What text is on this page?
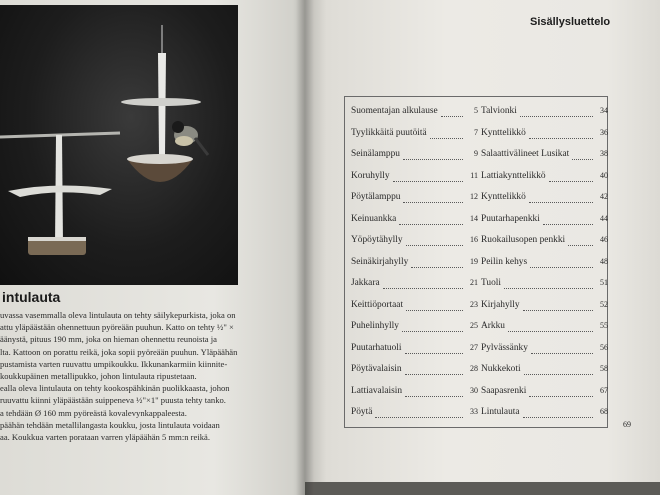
intulauta
uvassa vasemmalla oleva lintulauta on tehty säilykepurkista, joka on
attu yläpäästään ohennettuun pyöreään puuhun. Katto on tehty ½" ×
äänystä, pituus 190 mm, joka on hieman ohennettu reunoista ja
lta. Kattoon on porattu reikä, joka sopii pyöreään puuhun. Yläpäähän
pustamista varten ruuvattu umpikoukku. Ikkunankarmiin kiinnite-
koukkupäinen metallipukko, johon lintulauta ripustetaan.
ealla oleva lintulauta on tehty kookospähkinän puolikkaasta, johon
ruuvattu kiinni yläpäästään suippeneva ½"×1" puusta tehty tanko.
a tehdään Ø 160 mm pyöreästä kovalevynkappaleesta.
päähän tehdään metallilangasta koukku, josta lintulauta voidaan
aa. Koukkua varten porataan varren yläpäähän 5 mm:n reikä.
Sisällysluettelo
Suomentajan alkulause	5
Tyylikkäitä puutöitä	7
Seinälamppu	9
Koruhylly	11
Pöytälamppu	12
Keinuankka	14
Yöpöytähylly	16
Seinäkirjahylly	19
Jakkara	21
Keittiöportaat	23
Puhelinhylly	25
Puutarhatuoli	27
Pöytävalaisin	28
Lattiavalaisin	30
Pöytä	33
Talvionki	34
Kynttelikkö	36
Salaattivälineet Lusikat	38
Lattiakynttelikkö	40
Kynttelikkö	42
Puutarhapenkki	44
Ruokailusopen penkki	46
Peilin kehys	48
Tuoli	51
Kirjahylly	52
Arkku	55
Pylvässänky	56
Nukkekoti	58
Saapasrenki	67
Lintulauta	68
69
